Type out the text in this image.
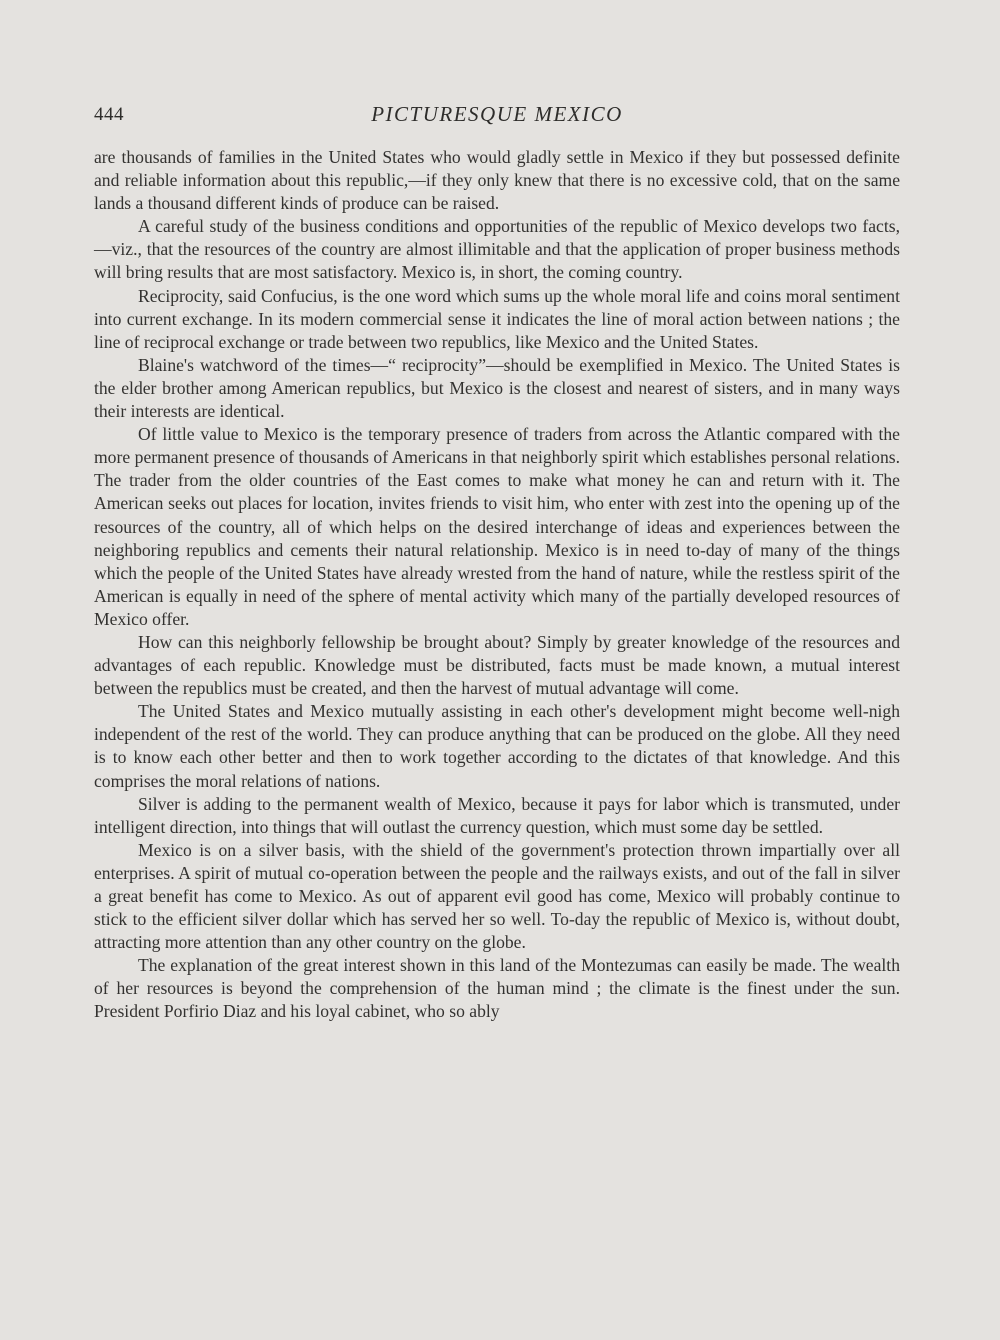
444	PICTURESQUE MEXICO

are thousands of families in the United States who would gladly settle in Mexico if they but possessed definite and reliable information about this republic,—if they only knew that there is no excessive cold, that on the same lands a thousand different kinds of produce can be raised.

A careful study of the business conditions and opportunities of the republic of Mexico develops two facts,—viz., that the resources of the country are almost illimitable and that the application of proper business methods will bring results that are most satisfactory. Mexico is, in short, the coming country.

Reciprocity, said Confucius, is the one word which sums up the whole moral life and coins moral sentiment into current exchange. In its modern commercial sense it indicates the line of moral action between nations ; the line of reciprocal exchange or trade between two republics, like Mexico and the United States.

Blaine's watchword of the times—“ reciprocity”—should be exemplified in Mexico. The United States is the elder brother among American republics, but Mexico is the closest and nearest of sisters, and in many ways their interests are identical.

Of little value to Mexico is the temporary presence of traders from across the Atlantic compared with the more permanent presence of thousands of Americans in that neighborly spirit which establishes personal relations. The trader from the older countries of the East comes to make what money he can and return with it. The American seeks out places for location, invites friends to visit him, who enter with zest into the opening up of the resources of the country, all of which helps on the desired interchange of ideas and experiences between the neighboring republics and cements their natural relationship. Mexico is in need to-day of many of the things which the people of the United States have already wrested from the hand of nature, while the restless spirit of the American is equally in need of the sphere of mental activity which many of the partially developed resources of Mexico offer.

How can this neighborly fellowship be brought about? Simply by greater knowledge of the resources and advantages of each republic. Knowledge must be distributed, facts must be made known, a mutual interest between the republics must be created, and then the harvest of mutual advantage will come.

The United States and Mexico mutually assisting in each other's development might become well-nigh independent of the rest of the world. They can produce anything that can be produced on the globe. All they need is to know each other better and then to work together according to the dictates of that knowledge. And this comprises the moral relations of nations.

Silver is adding to the permanent wealth of Mexico, because it pays for labor which is transmuted, under intelligent direction, into things that will outlast the currency question, which must some day be settled.

Mexico is on a silver basis, with the shield of the government's protection thrown impartially over all enterprises. A spirit of mutual co-operation between the people and the railways exists, and out of the fall in silver a great benefit has come to Mexico. As out of apparent evil good has come, Mexico will probably continue to stick to the efficient silver dollar which has served her so well. To-day the republic of Mexico is, without doubt, attracting more attention than any other country on the globe.

The explanation of the great interest shown in this land of the Montezumas can easily be made. The wealth of her resources is beyond the comprehension of the human mind ; the climate is the finest under the sun. President Porfirio Diaz and his loyal cabinet, who so ably
